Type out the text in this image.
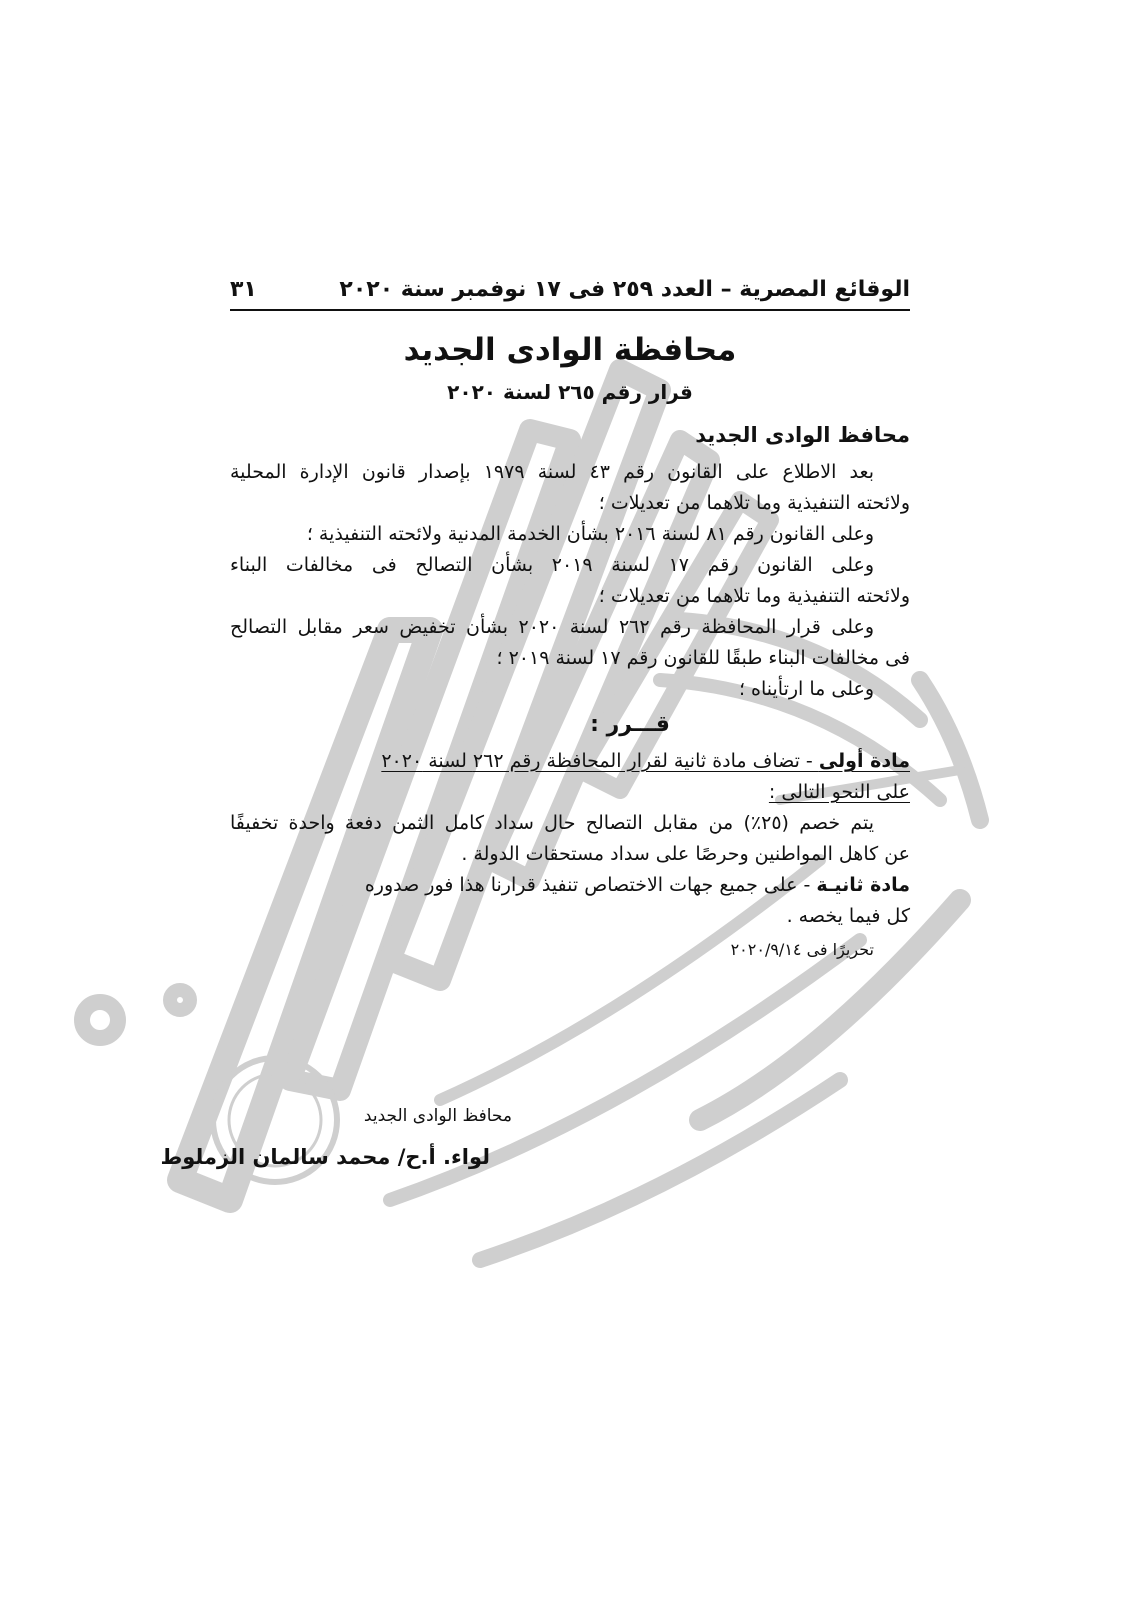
الوقائع المصرية – العدد ٢٥٩ فى ١٧ نوفمبر سنة ٢٠٢٠
٣١
محافظة الوادى الجديد
قرار رقم ٢٦٥ لسنة ٢٠٢٠
محافظ الوادى الجديد
بعد الاطلاع على القانون رقم ٤٣ لسنة ١٩٧٩ بإصدار قانون الإدارة المحلية
ولائحته التنفيذية وما تلاهما من تعديلات ؛
وعلى القانون رقم ٨١ لسنة ٢٠١٦ بشأن الخدمة المدنية ولائحته التنفيذية ؛
وعلى القانون رقم ١٧ لسنة ٢٠١٩ بشأن التصالح فى مخالفات البناء
ولائحته التنفيذية وما تلاهما من تعديلات ؛
وعلى قرار المحافظة رقم ٢٦٢ لسنة ٢٠٢٠ بشأن تخفيض سعر مقابل التصالح
فى مخالفات البناء طبقًا للقانون رقم ١٧ لسنة ٢٠١٩ ؛
وعلى ما ارتأيناه ؛
قـــرر :
مادة أولى - تضاف مادة ثانية لقرار المحافظة رقم ٢٦٢ لسنة ٢٠٢٠
على النحو التالى :
يتم خصم (٢٥٪) من مقابل التصالح حال سداد كامل الثمن دفعة واحدة تخفيفًا
عن كاهل المواطنين وحرصًا على سداد مستحقات الدولة .
مادة ثانيـة - على جميع جهات الاختصاص تنفيذ قرارنا هذا فور صدوره
كل فيما يخصه .
تحريرًا فى ٢٠٢٠/٩/١٤
محافظ الوادى الجديد
لواء. أ.ح/ محمد سالمان الزملوط
